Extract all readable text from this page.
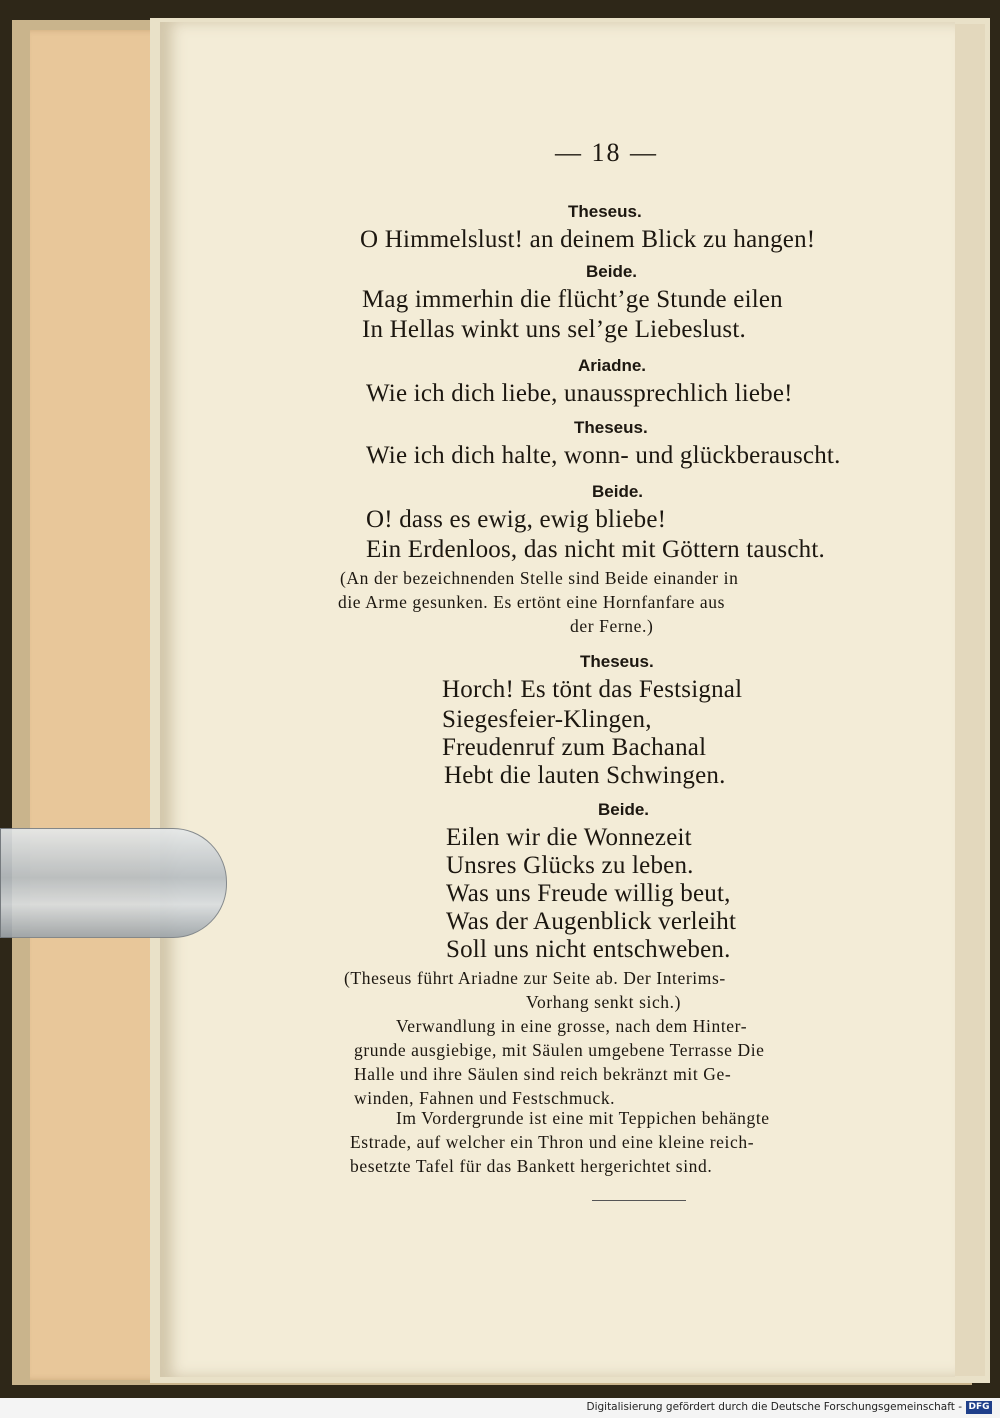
— 18 —
Theseus.
O Himmelslust! an deinem Blick zu hangen!
Beide.
Mag immerhin die flücht’ge Stunde eilen
In Hellas winkt uns sel’ge Liebeslust.
Ariadne.
Wie ich dich liebe, unaussprechlich liebe!
Theseus.
Wie ich dich halte, wonn- und glückberauscht.
Beide.
O! dass es ewig, ewig bliebe!
Ein Erdenloos, das nicht mit Göttern tauscht.
(An der bezeichnenden Stelle sind Beide einander in
die Arme gesunken. Es ertönt eine Hornfanfare aus
der Ferne.)
Theseus.
Horch! Es tönt das Festsignal
Siegesfeier-Klingen,
Freudenruf zum Bachanal
Hebt die lauten Schwingen.
Beide.
Eilen wir die Wonnezeit
Unsres Glücks zu leben.
Was uns Freude willig beut,
Was der Augenblick verleiht
Soll uns nicht entschweben.
(Theseus führt Ariadne zur Seite ab. Der Interims-
Vorhang senkt sich.)
Verwandlung in eine grosse, nach dem Hinter-
grunde ausgiebige, mit Säulen umgebene Terrasse Die
Halle und ihre Säulen sind reich bekränzt mit Ge-
winden, Fahnen und Festschmuck.
Im Vordergrunde ist eine mit Teppichen behängte
Estrade, auf welcher ein Thron und eine kleine reich-
besetzte Tafel für das Bankett hergerichtet sind.
Digitalisierung gefördert durch die Deutsche Forschungsgemeinschaft - DFG
